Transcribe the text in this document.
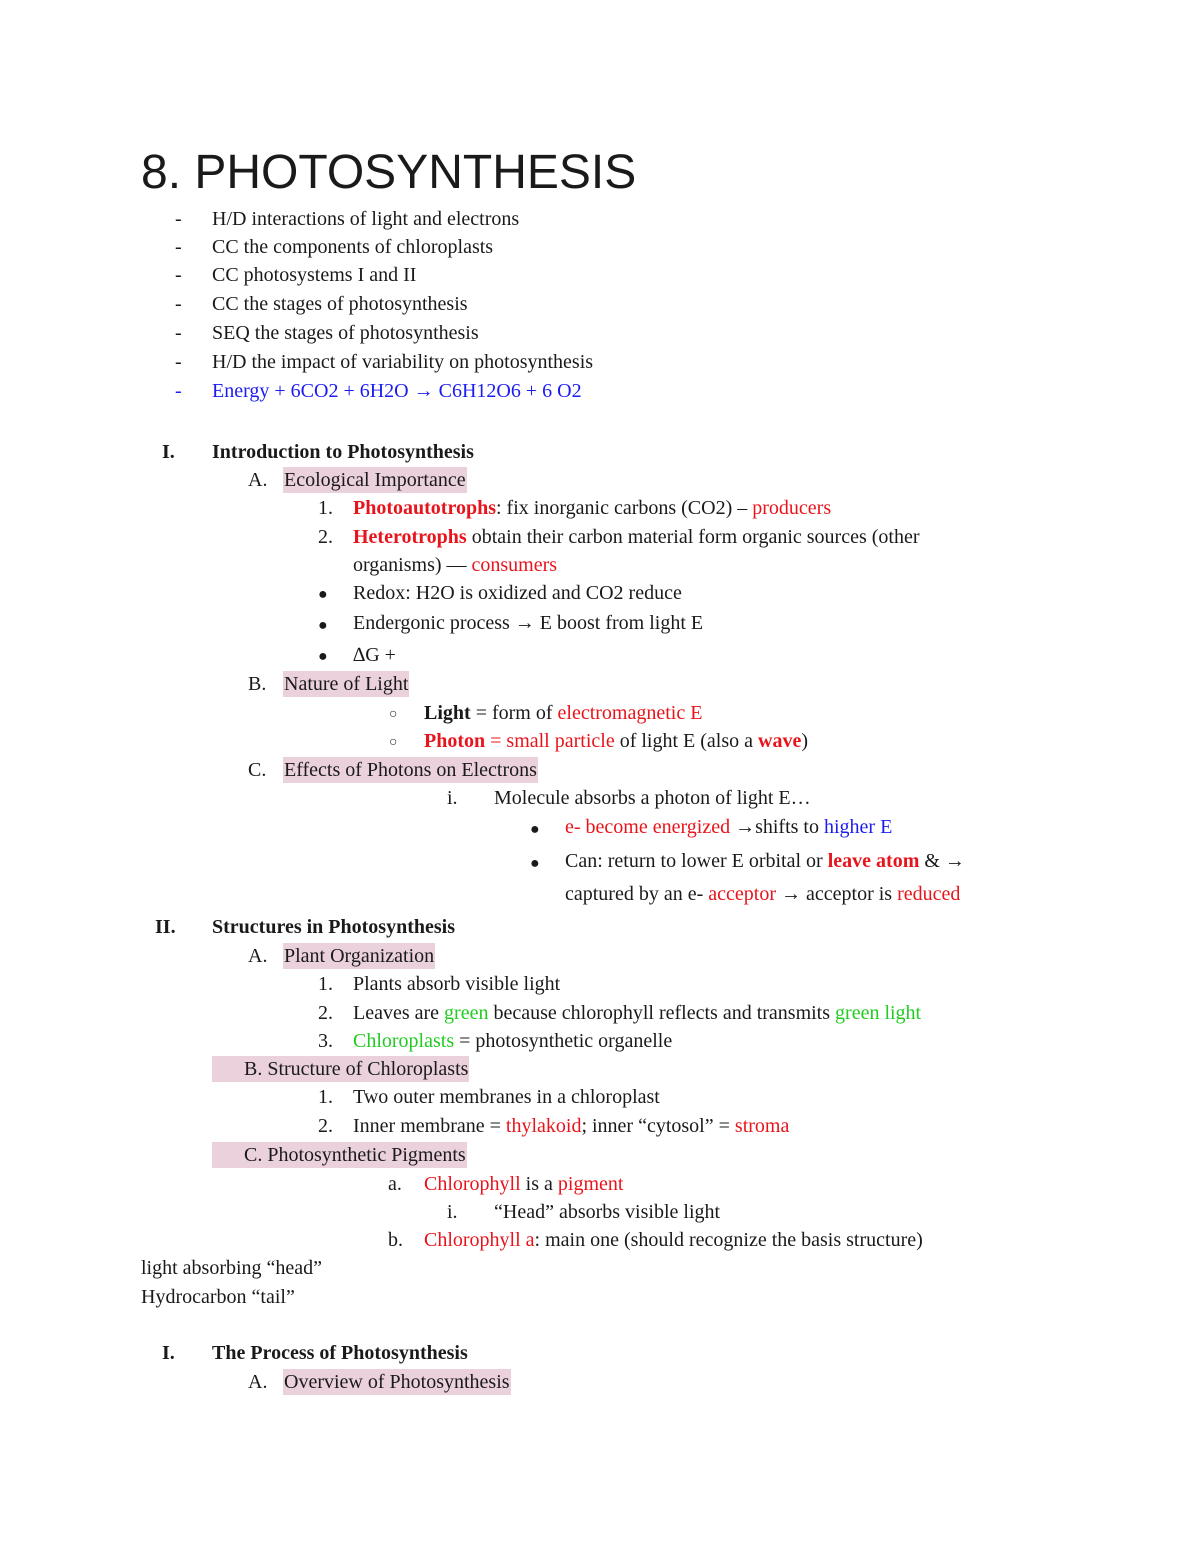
8. PHOTOSYNTHESIS
- H/D interactions of light and electrons
- CC the components of chloroplasts
- CC photosystems I and II
- CC the stages of photosynthesis
- SEQ the stages of photosynthesis
- H/D the impact of variability on photosynthesis
- Energy + 6CO2 + 6H2O → C6H12O6 + 6 O2
I. Introduction to Photosynthesis
A. Ecological Importance
1. Photoautotrophs: fix inorganic carbons (CO2) – producers
2. Heterotrophs obtain their carbon material form organic sources (other
organisms) — consumers
● Redox: H2O is oxidized and CO2 reduce
● Endergonic process → E boost from light E
● ∆G +
B. Nature of Light
○ Light = form of electromagnetic E
○ Photon = small particle of light E (also a wave)
C. Effects of Photons on Electrons
i. Molecule absorbs a photon of light E…
● e- become energized →shifts to higher E
● Can: return to lower E orbital or leave atom & →
captured by an e- acceptor → acceptor is reduced
II. Structures in Photosynthesis
A. Plant Organization
1. Plants absorb visible light
2. Leaves are green because chlorophyll reflects and transmits green light
3. Chloroplasts = photosynthetic organelle
B. Structure of Chloroplasts
1. Two outer membranes in a chloroplast
2. Inner membrane = thylakoid; inner “cytosol” = stroma
C. Photosynthetic Pigments
a. Chlorophyll is a pigment
i. “Head” absorbs visible light
b. Chlorophyll a: main one (should recognize the basis structure)
light absorbing “head”
Hydrocarbon “tail”
I. The Process of Photosynthesis
A. Overview of Photosynthesis
